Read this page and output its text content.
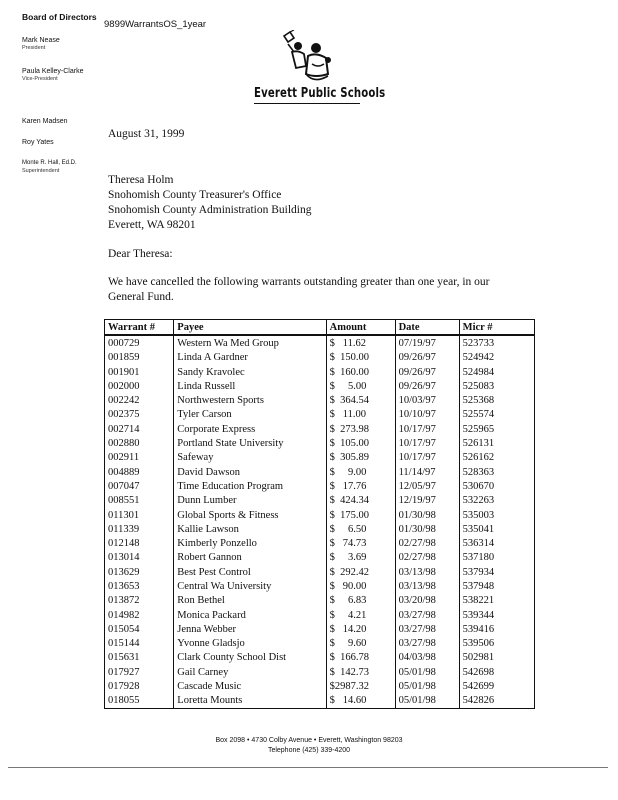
Board of Directors
Mark Nease
President
Paula Kelley-Clarke
Vice-President
Karen Madsen
Roy Yates
Monte R. Hall, Ed.D.
Superintendent
9899WarrantsOS_1year
Everett Public Schools
August 31, 1999
Theresa Holm
Snohomish County Treasurer's Office
Snohomish County Administration Building
Everett, WA 98201
Dear Theresa:
We have cancelled the following warrants outstanding greater than one year, in our
General Fund.
Warrant #	Payee	Amount	Date	Micr #
000729	Western Wa Med Group	$   11.62	07/19/97	523733
001859	Linda A Gardner	$  150.00	09/26/97	524942
001901	Sandy Kravolec	$  160.00	09/26/97	524984
002000	Linda Russell	$     5.00	09/26/97	525083
002242	Northwestern Sports	$  364.54	10/03/97	525368
002375	Tyler Carson	$   11.00	10/10/97	525574
002714	Corporate Express	$  273.98	10/17/97	525965
002880	Portland State University	$  105.00	10/17/97	526131
002911	Safeway	$  305.89	10/17/97	526162
004889	David Dawson	$     9.00	11/14/97	528363
007047	Time Education Program	$   17.76	12/05/97	530670
008551	Dunn Lumber	$  424.34	12/19/97	532263
011301	Global Sports & Fitness	$  175.00	01/30/98	535003
011339	Kallie Lawson	$     6.50	01/30/98	535041
012148	Kimberly Ponzello	$   74.73	02/27/98	536314
013014	Robert Gannon	$     3.69	02/27/98	537180
013629	Best Pest Control	$  292.42	03/13/98	537934
013653	Central Wa University	$   90.00	03/13/98	537948
013872	Ron Bethel	$     6.83	03/20/98	538221
014982	Monica Packard	$     4.21	03/27/98	539344
015054	Jenna Webber	$   14.20	03/27/98	539416
015144	Yvonne Gladsjo	$     9.60	03/27/98	539506
015631	Clark County School Dist	$  166.78	04/03/98	502981
017927	Gail Carney	$  142.73	05/01/98	542698
017928	Cascade Music	$2987.32	05/01/98	542699
018055	Loretta Mounts	$   14.60	05/01/98	542826
Box 2098 • 4730 Colby Avenue • Everett, Washington 98203
Telephone (425) 339-4200
